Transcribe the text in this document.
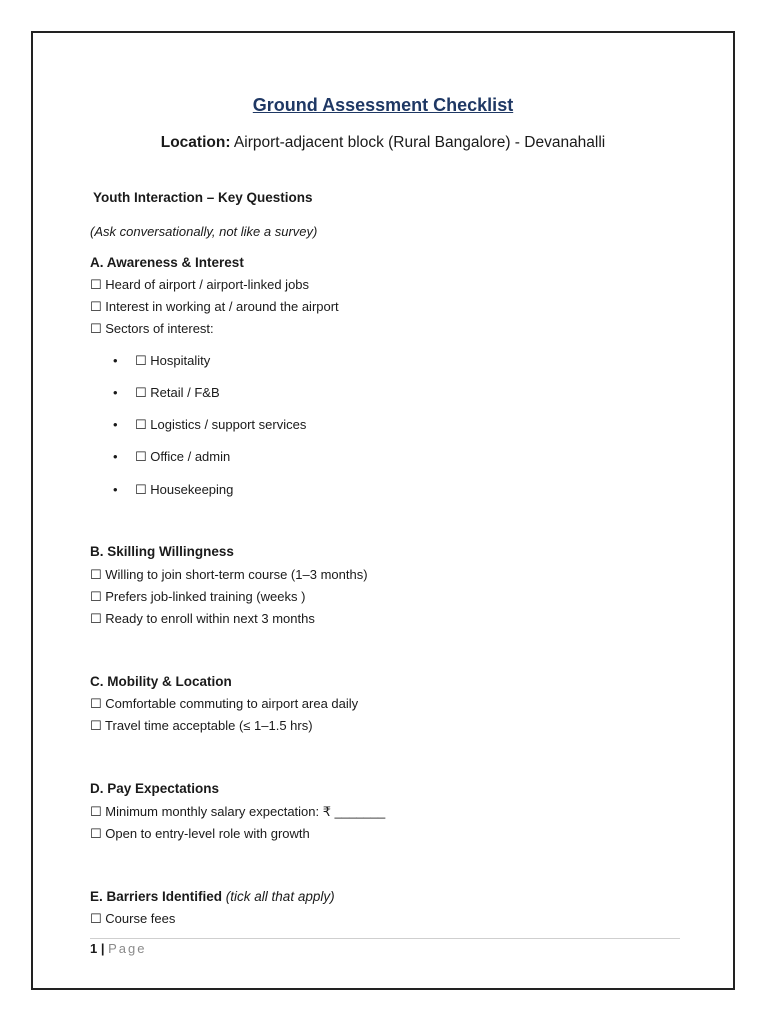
Ground Assessment Checklist
Location: Airport-adjacent block (Rural Bangalore) - Devanahalli
Youth Interaction – Key Questions
(Ask conversationally, not like a survey)
A. Awareness & Interest
☐ Heard of airport / airport-linked jobs
☐ Interest in working at / around the airport
☐ Sectors of interest:
• ☐ Hospitality
• ☐ Retail / F&B
• ☐ Logistics / support services
• ☐ Office / admin
• ☐ Housekeeping
B. Skilling Willingness
☐ Willing to join short-term course (1–3 months)
☐ Prefers job-linked training (weeks )
☐ Ready to enroll within next 3 months
C. Mobility & Location
☐ Comfortable commuting to airport area daily
☐ Travel time acceptable (≤ 1–1.5 hrs)
D. Pay Expectations
☐ Minimum monthly salary expectation: ₹ _______
☐ Open to entry-level role with growth
E. Barriers Identified (tick all that apply)
☐ Course fees
1 | Page
